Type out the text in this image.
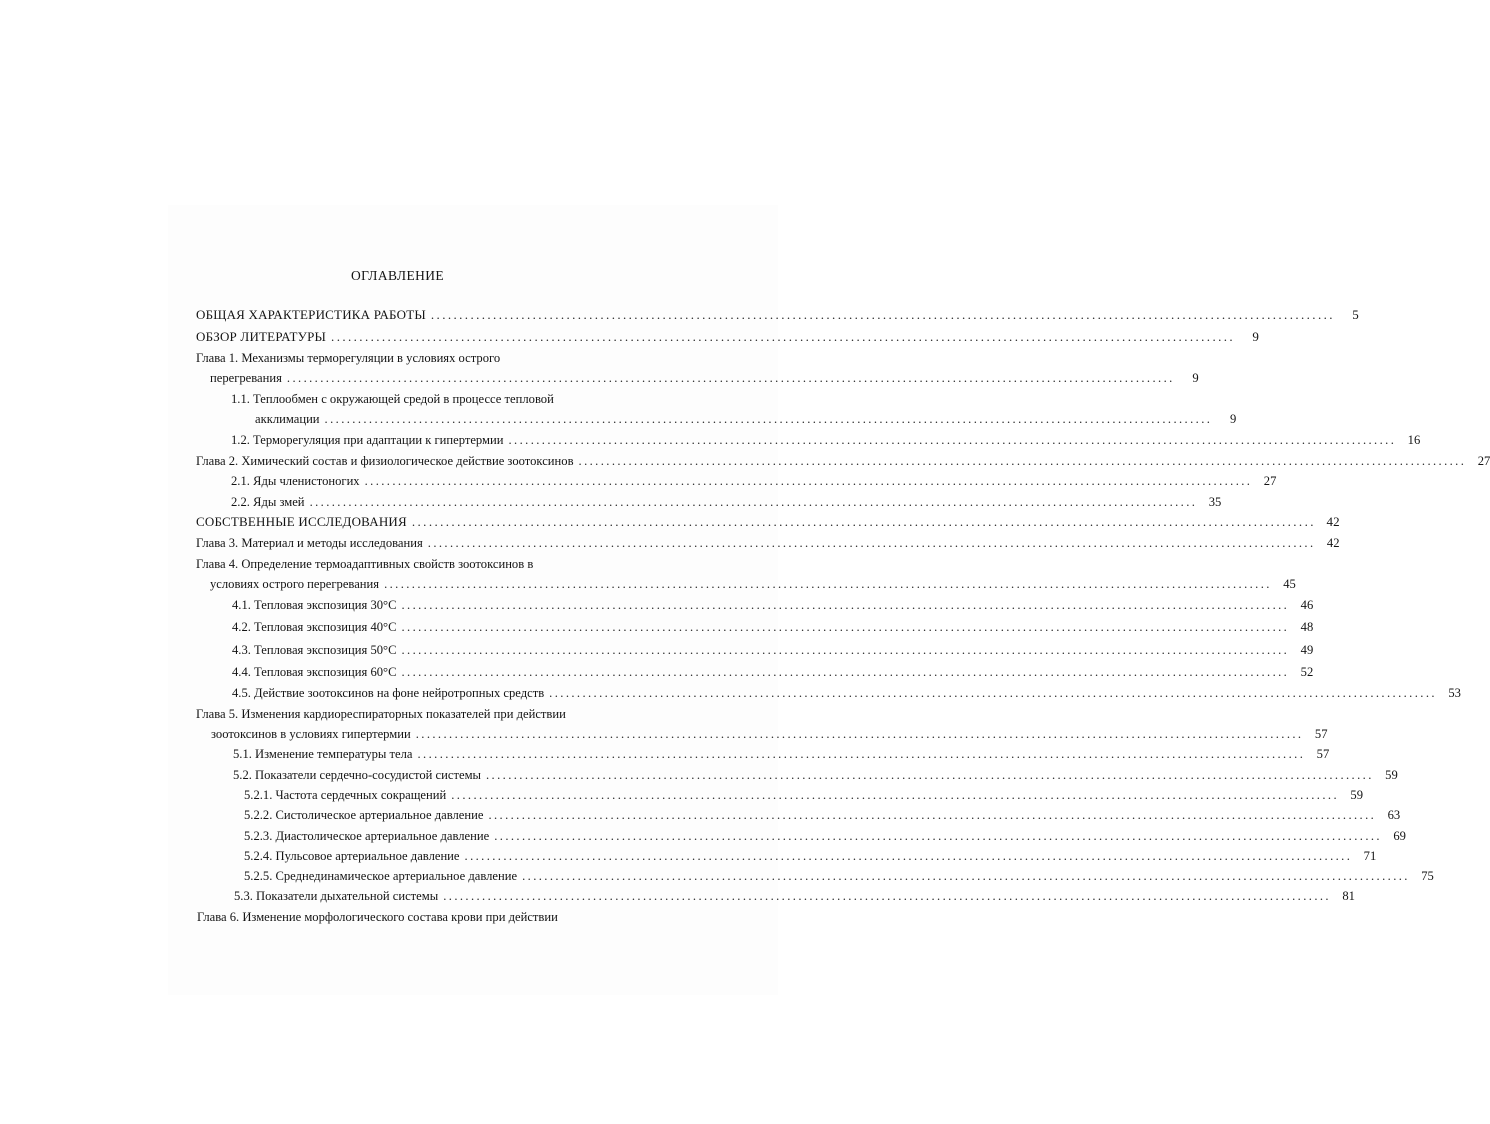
ОГЛАВЛЕНИЕ
ОБЩАЯ ХАРАКТЕРИСТИКА РАБОТЫ ................................................................................................................................................................	5
ОБЗОР ЛИТЕРАТУРЫ ................................................................................................................................................................	9
Глава 1. Механизмы терморегуляции в условиях острого
перегревания ................................................................................................................................................................	9
1.1. Теплообмен с окружающей средой в процессе тепловой
акклимации ................................................................................................................................................................	9
1.2. Терморегуляция при адаптации к гипертермии ................................................................................................................................................................ 16
Глава 2. Химический состав и физиологическое действие зоотоксинов ................................................................................................................................................................ 27
2.1. Яды членистоногих ................................................................................................................................................................ 27
2.2. Яды змей ................................................................................................................................................................ 35
СОБСТВЕННЫЕ ИССЛЕДОВАНИЯ ................................................................................................................................................................ 42
Глава 3. Материал и методы исследования ................................................................................................................................................................ 42
Глава 4. Определение термоадаптивных свойств зоотоксинов в
условиях острого перегревания ................................................................................................................................................................ 45
4.1. Тепловая экспозиция 30°С ................................................................................................................................................................ 46
4.2. Тепловая экспозиция 40°С ................................................................................................................................................................ 48
4.3. Тепловая экспозиция 50°С ................................................................................................................................................................ 49
4.4. Тепловая экспозиция 60°С ................................................................................................................................................................ 52
4.5. Действие зоотоксинов на фоне нейротропных средств ................................................................................................................................................................ 53
Глава 5. Изменения кардиореспираторных показателей при действии
зоотоксинов в условиях гипертермии ................................................................................................................................................................ 57
5.1. Изменение температуры тела ................................................................................................................................................................ 57
5.2. Показатели сердечно-сосудистой системы ................................................................................................................................................................ 59
5.2.1. Частота сердечных сокращений ................................................................................................................................................................ 59
5.2.2. Систолическое артериальное давление ................................................................................................................................................................ 63
5.2.3. Диастолическое артериальное давление ................................................................................................................................................................ 69
5.2.4. Пульсовое артериальное давление ................................................................................................................................................................ 71
5.2.5. Среднединамическое артериальное давление ................................................................................................................................................................ 75
5.3. Показатели дыхательной системы ................................................................................................................................................................ 81
Глава 6. Изменение морфологического состава крови при действии
